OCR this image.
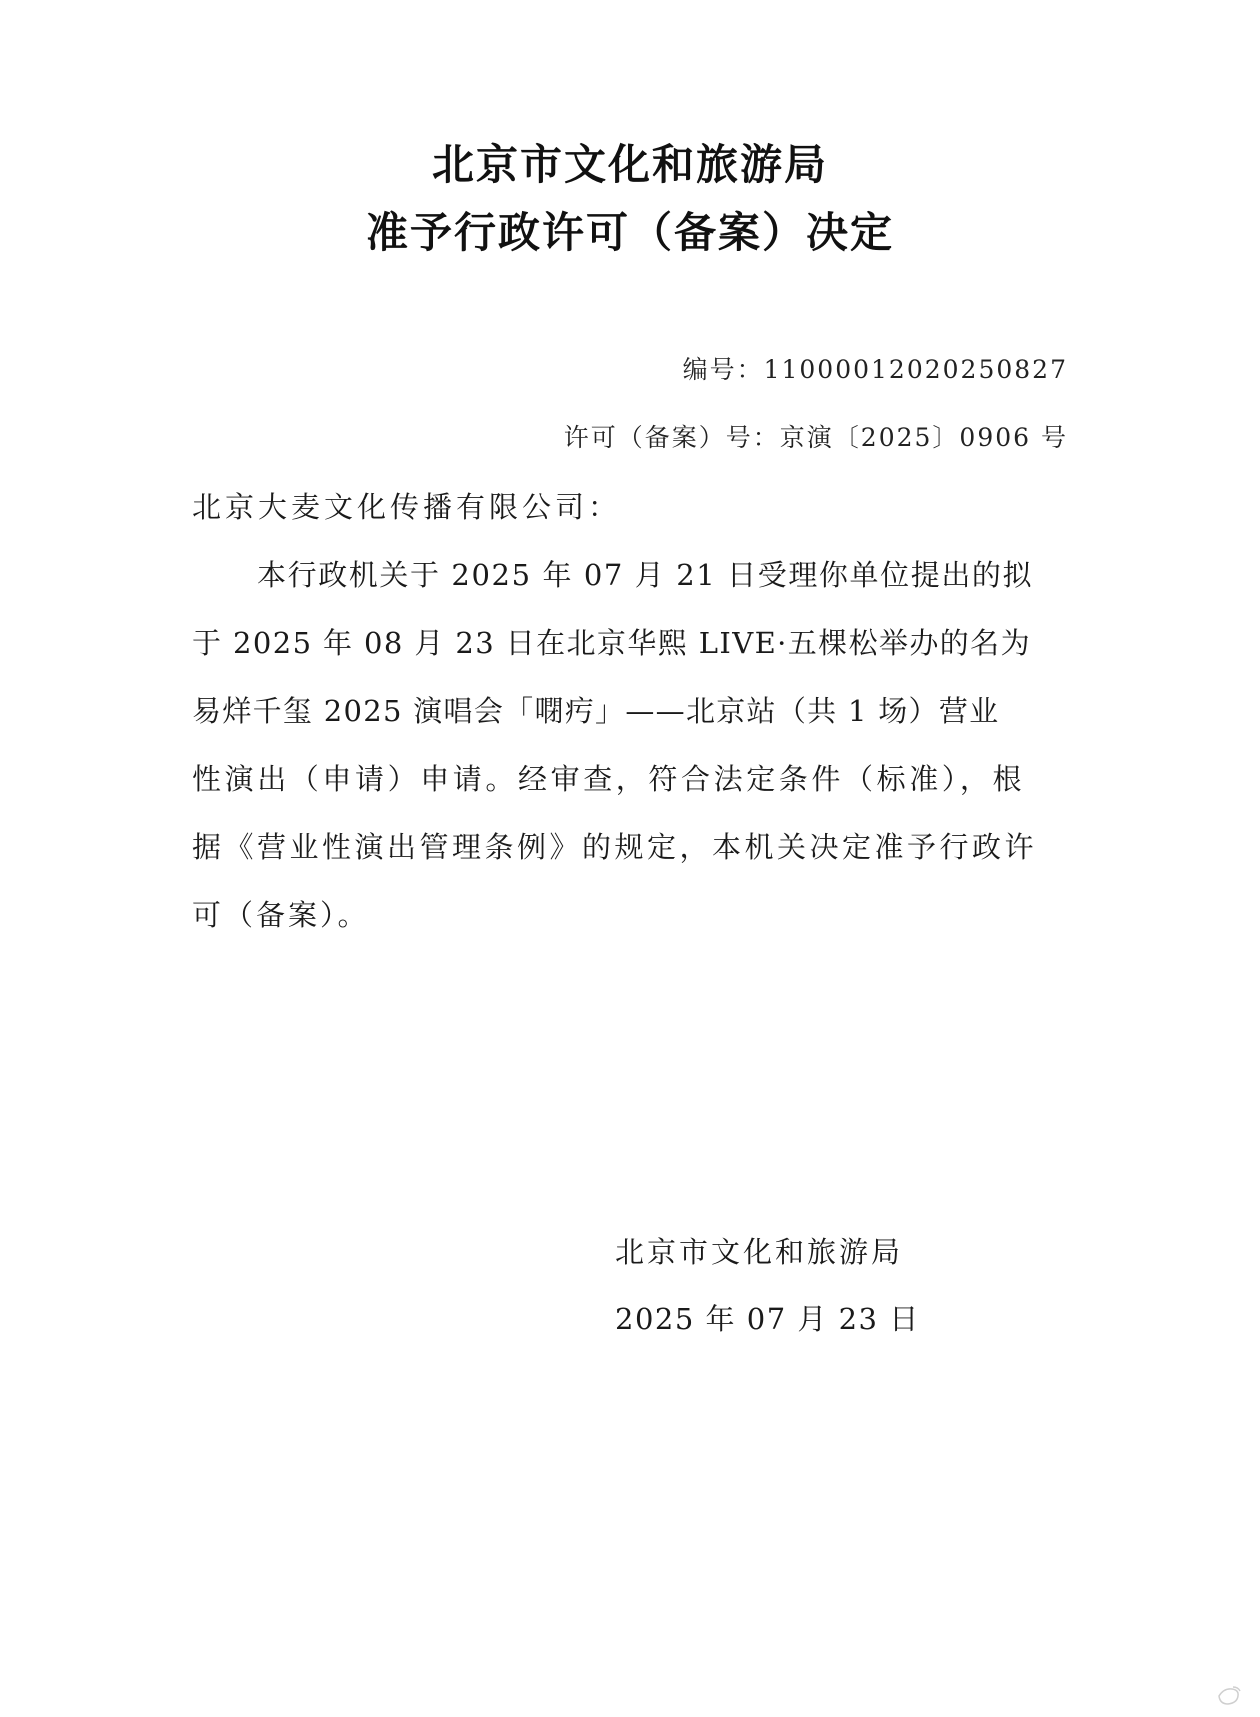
北京市文化和旅游局
准予行政许可（备案）决定
编号：1100001202025082​7
许可（备案）号：京演〔2025〕0906 号
北京大麦文化传播有限公司：
本行政机关于 2025 年 07 月 21 日受理你单位提出的拟
于 2025 年 08 月 23 日在北京华熙 LIVE·五棵松举办的名为
易烊千玺 2025 演唱会「𠻻㽲」——北京站（共 1 场）营业
性演出（申请）申请。经审查，符合法定条件（标准），根
据《营业性演出管理条例》的规定，本机关决定准予行政许
可（备案）。
北京市文化和旅游局
2025 年 07 月 23 日
